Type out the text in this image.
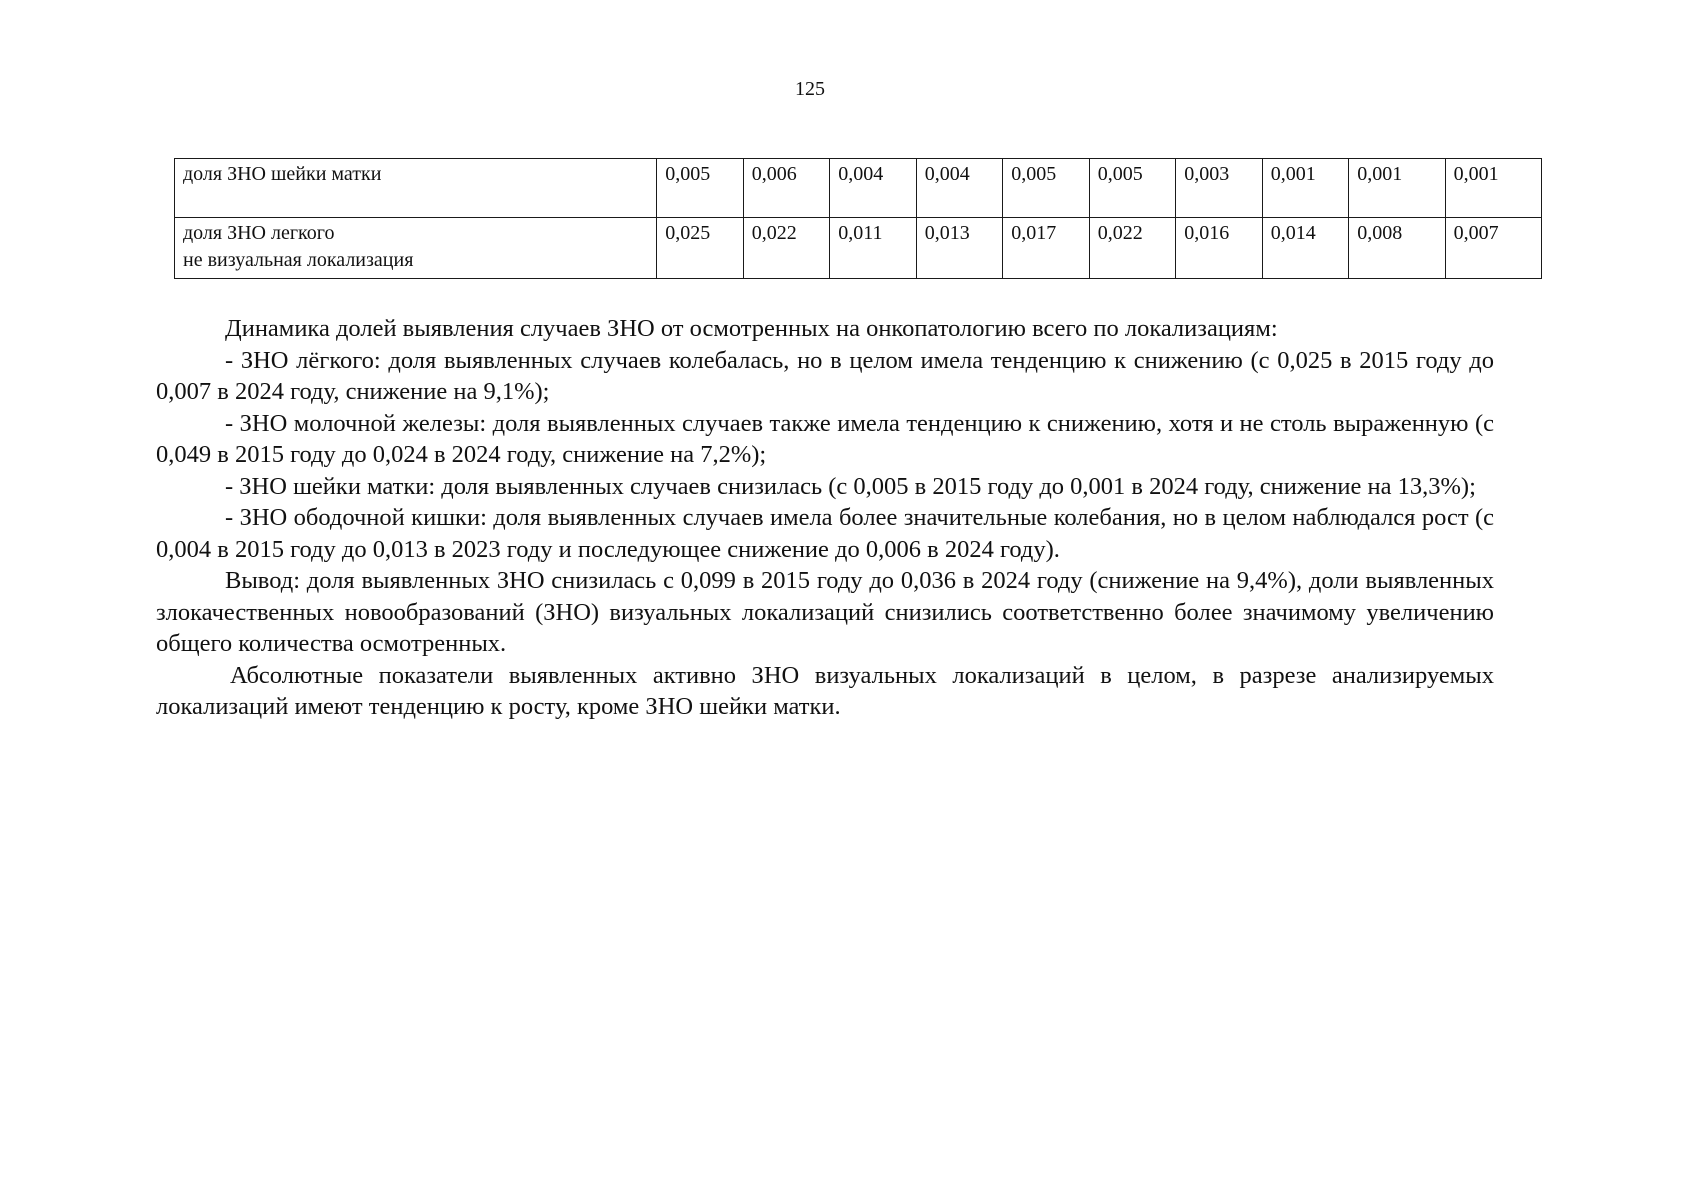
125
доля ЗНО шейки матки	0,005	0,006	0,004	0,004	0,005	0,005	0,003	0,001	0,001	0,001

доля ЗНО легкого
не визуальная локализация	0,025	0,022	0,011	0,013	0,017	0,022	0,016	0,014	0,008	0,007

Динамика долей выявления случаев ЗНО от осмотренных на онкопатологию всего по локализациям:

- ЗНО лёгкого: доля выявленных случаев колебалась, но в целом имела тенденцию к снижению (с 0,025 в 2015 году до 0,007 в 2024 году, снижение на 9,1%);

- ЗНО молочной железы: доля выявленных случаев также имела тенденцию к снижению, хотя и не столь выраженную (с 0,049 в 2015 году до 0,024 в 2024 году, снижение на 7,2%);

- ЗНО шейки матки: доля выявленных случаев снизилась (с 0,005 в 2015 году до 0,001 в 2024 году, снижение на 13,3%);

- ЗНО ободочной кишки: доля выявленных случаев имела более значительные колебания, но в целом наблюдался рост (с 0,004 в 2015 году до 0,013 в 2023 году и последующее снижение до 0,006 в 2024 году).

Вывод: доля выявленных ЗНО снизилась с 0,099 в 2015 году до 0,036 в 2024 году (снижение на 9,4%), доли выявленных злокачественных новообразований (ЗНО) визуальных локализаций снизились соответственно более значимому увеличению общего количества осмотренных.

Абсолютные показатели выявленных активно ЗНО визуальных локализаций в целом, в разрезе анализируемых локализаций имеют тенденцию к росту, кроме ЗНО шейки матки.
